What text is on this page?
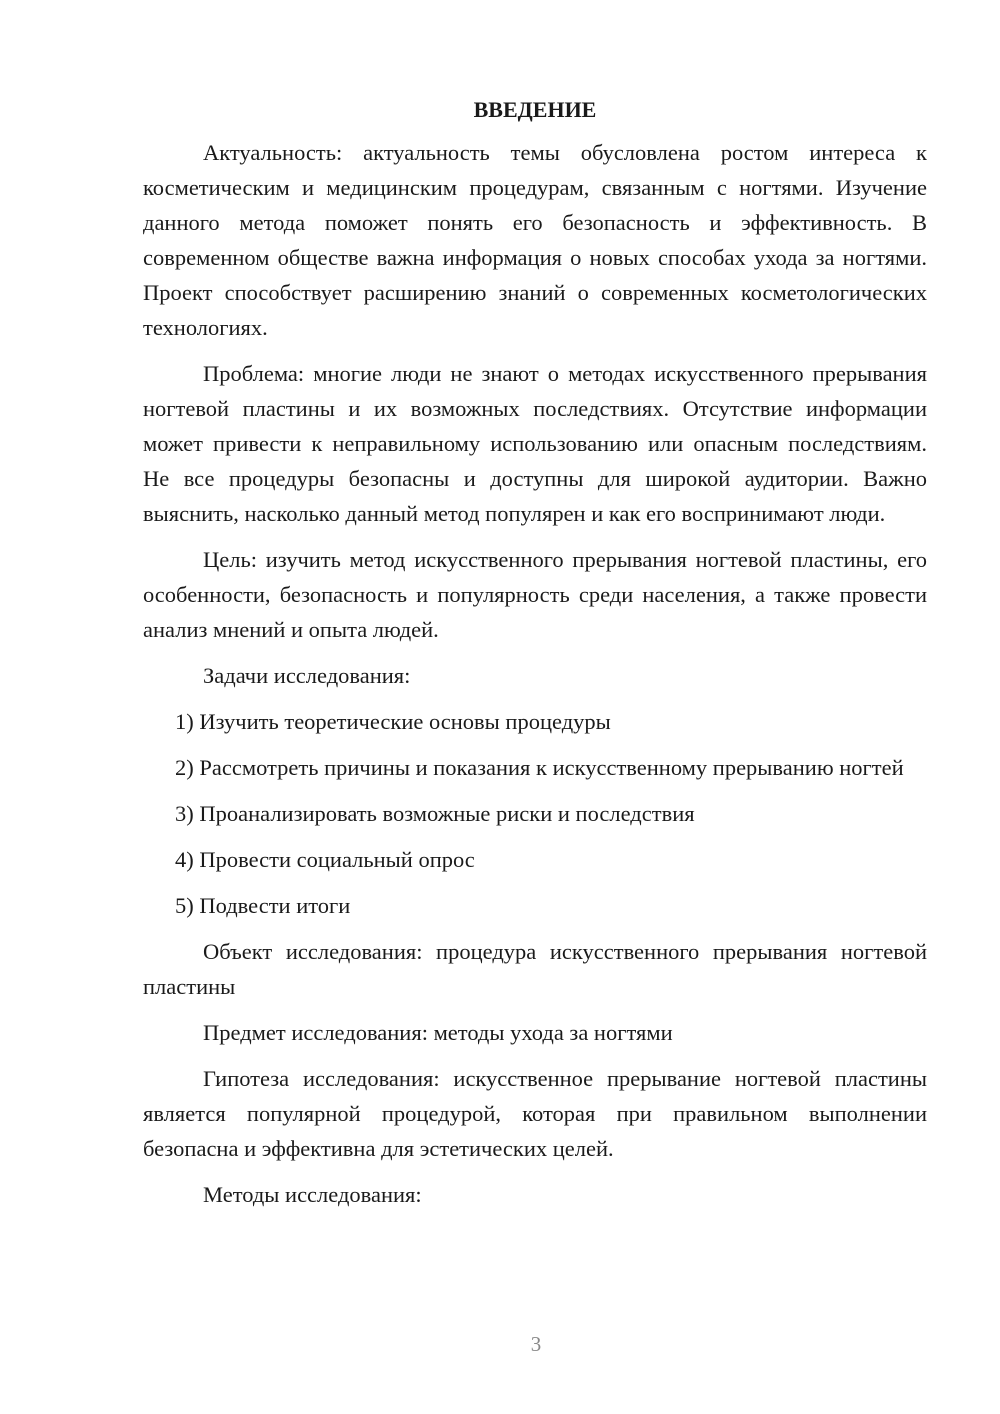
ВВЕДЕНИЕ

Актуальность: актуальность темы обусловлена ростом интереса к косметическим и медицинским процедурам, связанным с ногтями. Изучение данного метода поможет понять его безопасность и эффективность. В современном обществе важна информация о новых способах ухода за ногтями. Проект способствует расширению знаний о современных косметологических технологиях.

Проблема: многие люди не знают о методах искусственного прерывания ногтевой пластины и их возможных последствиях. Отсутствие информации может привести к неправильному использованию или опасным последствиям. Не все процедуры безопасны и доступны для широкой аудитории. Важно выяснить, насколько данный метод популярен и как его воспринимают люди.

Цель: изучить метод искусственного прерывания ногтевой пластины, его особенности, безопасность и популярность среди населения, а также провести анализ мнений и опыта людей.

Задачи исследования:

1) Изучить теоретические основы процедуры

2) Рассмотреть причины и показания к искусственному прерыванию ногтей

3) Проанализировать возможные риски и последствия

4) Провести социальный опрос

5) Подвести итоги

Объект исследования: процедура искусственного прерывания ногтевой пластины

Предмет исследования: методы ухода за ногтями

Гипотеза исследования: искусственное прерывание ногтевой пластины является популярной процедурой, которая при правильном выполнении безопасна и эффективна для эстетических целей.

Методы исследования:

3
